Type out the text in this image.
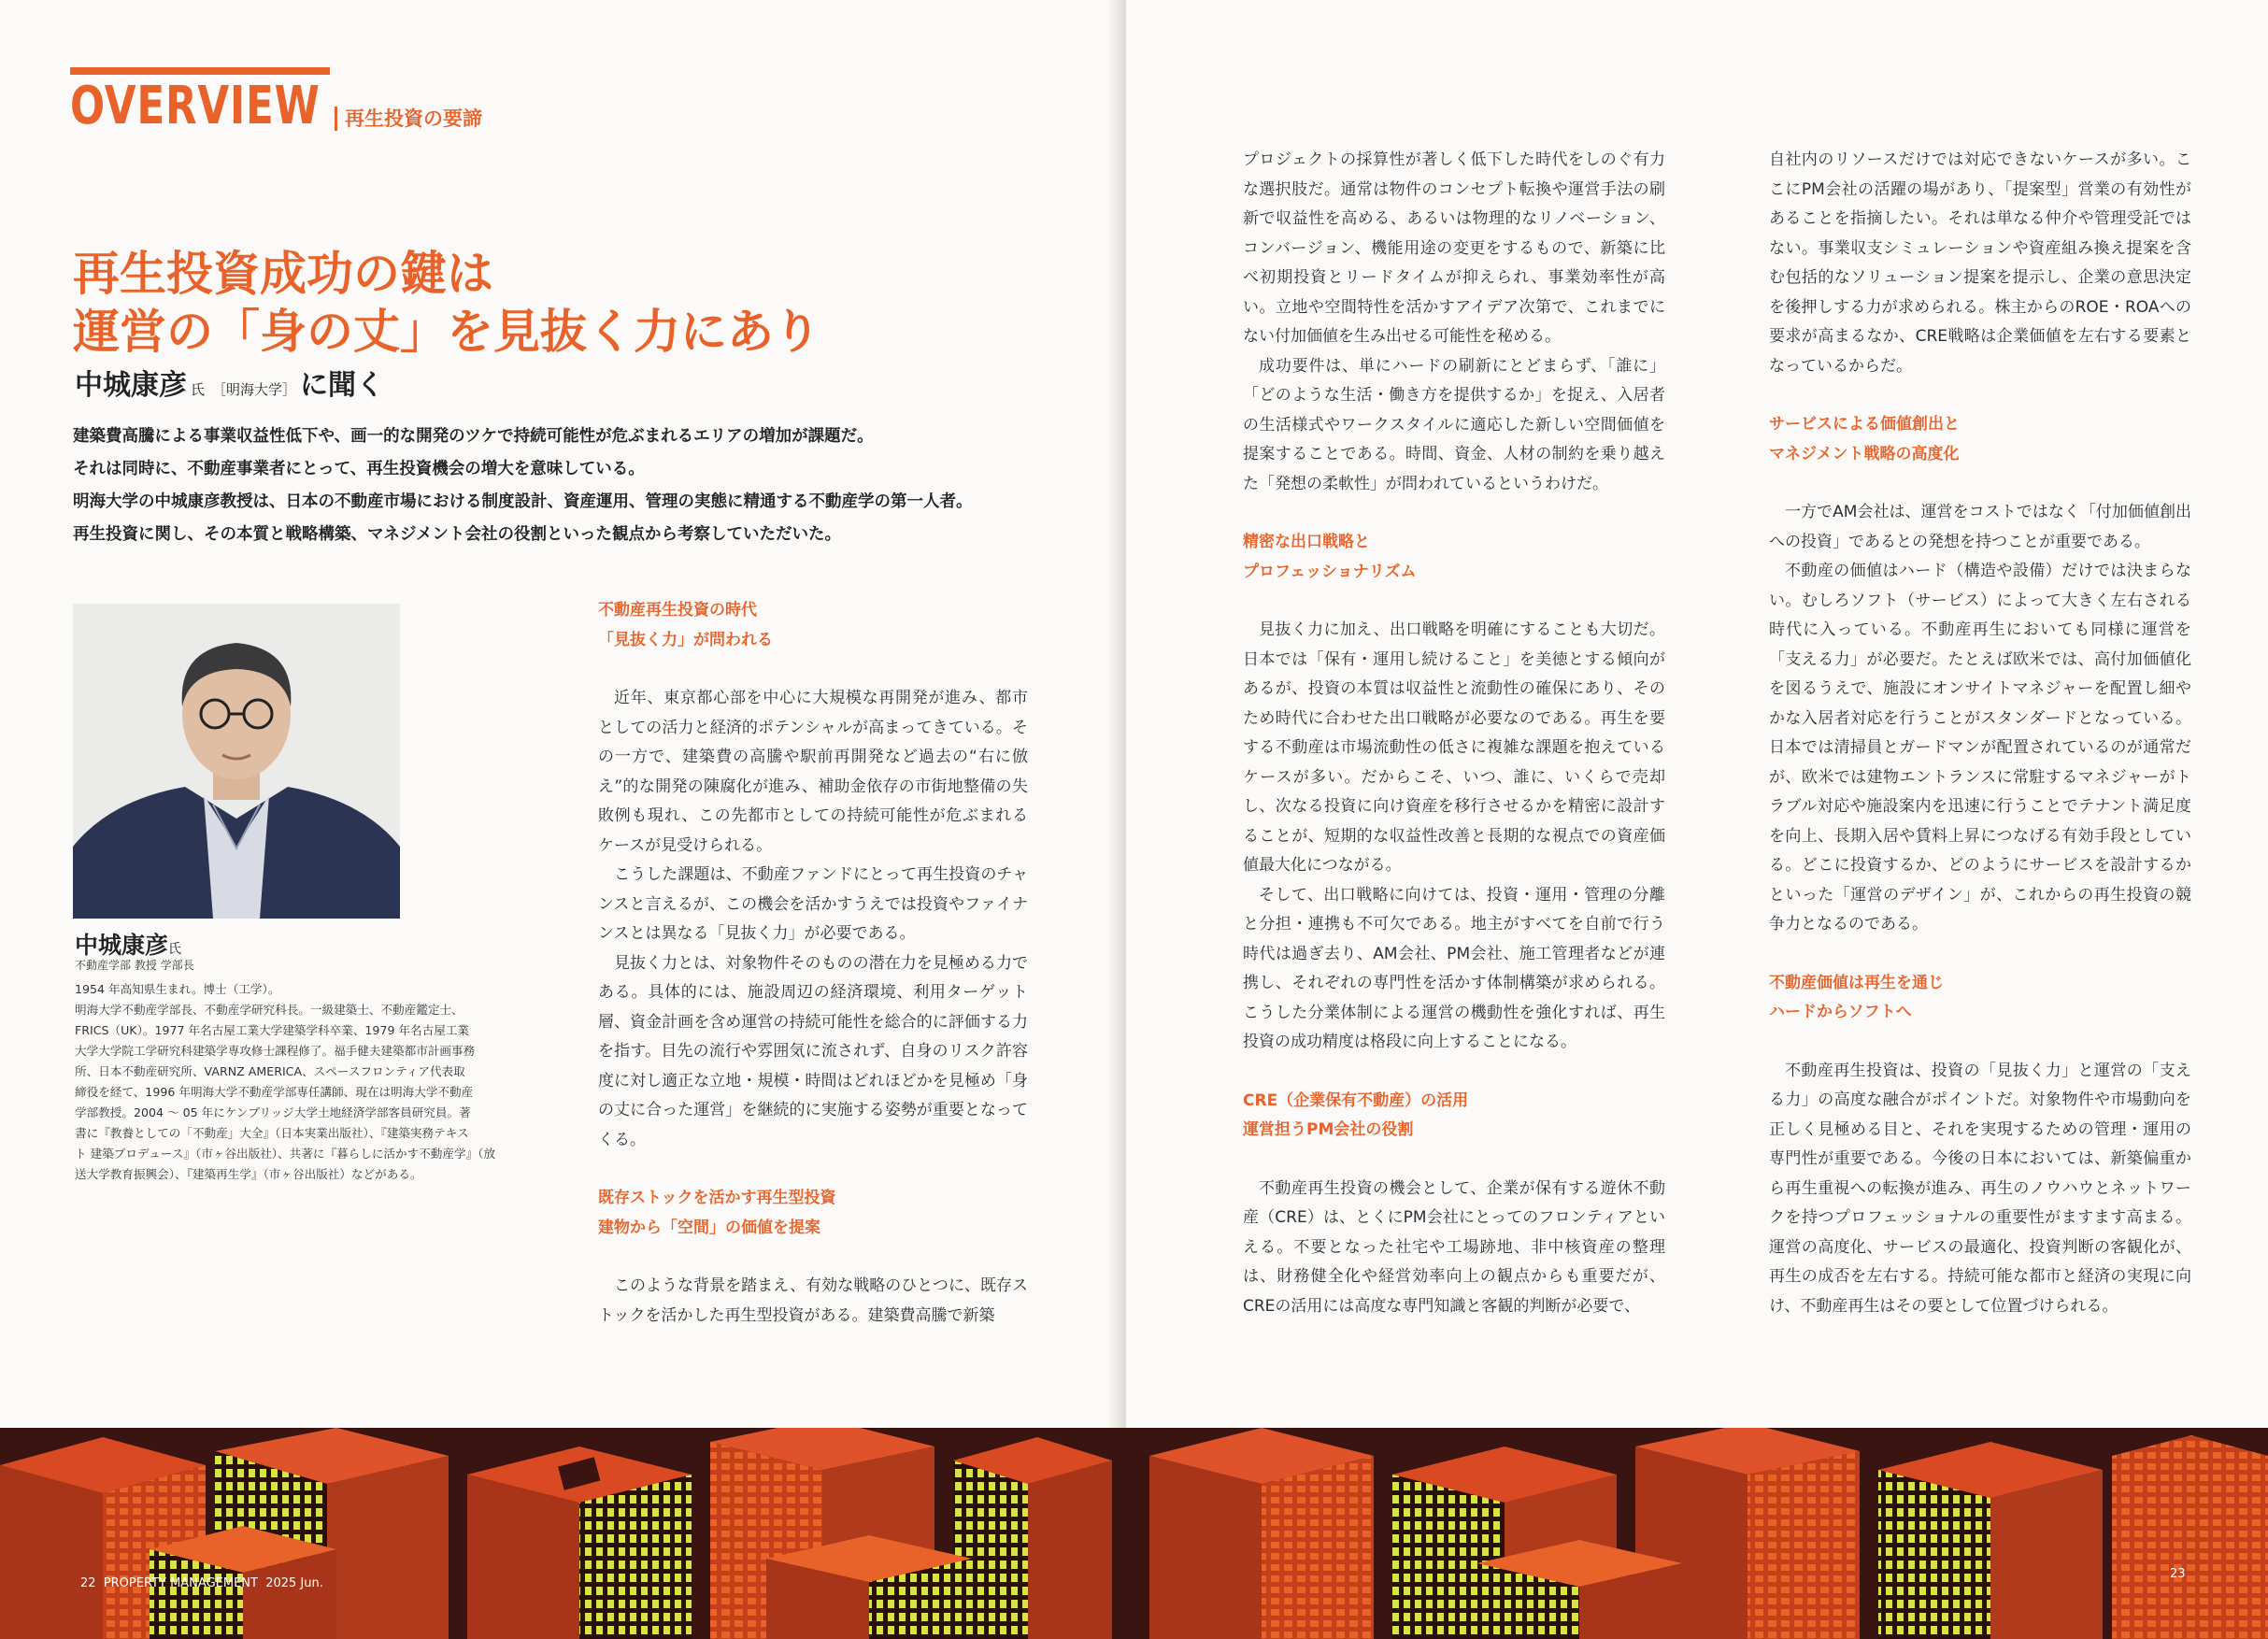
OVERVIEW	再生投資の要諦
再生投資成功の鍵は
運営の「身の丈」を見抜く力にあり
中城康彦 氏 ［明海大学］ に聞く
建築費高騰による事業収益性低下や、画一的な開発のツケで持続可能性が危ぶまれるエリアの増加が課題だ。
それは同時に、不動産事業者にとって、再生投資機会の増大を意味している。
明海大学の中城康彦教授は、日本の不動産市場における制度設計、資産運用、管理の実態に精通する不動産学の第一人者。
再生投資に関し、その本質と戦略構築、マネジメント会社の役割といった観点から考察していただいた。
中城康彦氏
不動産学部 教授 学部長
1954 年高知県生まれ。博士（工学）。
明海大学不動産学部長、不動産学研究科長。一級建築士、不動産鑑定士、
FRICS（UK）。1977 年名古屋工業大学建築学科卒業、1979 年名古屋工業
大学大学院工学研究科建築学専攻修士課程修了。福手健夫建築都市計画事務
所、日本不動産研究所、VARNZ AMERICA、スペースフロンティア代表取
締役を経て、1996 年明海大学不動産学部専任講師、現在は明海大学不動産
学部教授。2004 ～ 05 年にケンブリッジ大学土地経済学部客員研究員。著
書に『教養としての「不動産」大全』（日本実業出版社）、『建築実務テキス
ト 建築プロデュース』（市ヶ谷出版社）、共著に『暮らしに活かす不動産学』（放
送大学教育振興会）、『建築再生学』（市ヶ谷出版社）などがある。
不動産再生投資の時代
「見抜く力」が問われる

近年、東京都心部を中心に大規模な再開発が進み、都市としての活力と経済的ポテンシャルが高まってきている。その一方で、建築費の高騰や駅前再開発など過去の“右に倣え”的な開発の陳腐化が進み、補助金依存の市街地整備の失敗例も現れ、この先都市としての持続可能性が危ぶまれるケースが見受けられる。

こうした課題は、不動産ファンドにとって再生投資のチャンスと言えるが、この機会を活かすうえでは投資やファイナンスとは異なる「見抜く力」が必要である。

見抜く力とは、対象物件そのものの潜在力を見極める力である。具体的には、施設周辺の経済環境、利用ターゲット層、資金計画を含め運営の持続可能性を総合的に評価する力を指す。目先の流行や雰囲気に流されず、自身のリスク許容度に対し適正な立地・規模・時間はどれほどかを見極め「身の丈に合った運営」を継続的に実施する姿勢が重要となってくる。

既存ストックを活かす再生型投資
建物から「空間」の価値を提案

このような背景を踏まえ、有効な戦略のひとつに、既存ストックを活かした再生型投資がある。建築費高騰で新築

プロジェクトの採算性が著しく低下した時代をしのぐ有力な選択肢だ。通常は物件のコンセプト転換や運営手法の刷新で収益性を高める、あるいは物理的なリノベーション、コンバージョン、機能用途の変更をするもので、新築に比べ初期投資とリードタイムが抑えられ、事業効率性が高い。立地や空間特性を活かすアイデア次第で、これまでにない付加価値を生み出せる可能性を秘める。

成功要件は、単にハードの刷新にとどまらず、「誰に」「どのような生活・働き方を提供するか」を捉え、入居者の生活様式やワークスタイルに適応した新しい空間価値を提案することである。時間、資金、人材の制約を乗り越えた「発想の柔軟性」が問われているというわけだ。

精密な出口戦略と
プロフェッショナリズム

見抜く力に加え、出口戦略を明確にすることも大切だ。日本では「保有・運用し続けること」を美徳とする傾向があるが、投資の本質は収益性と流動性の確保にあり、そのため時代に合わせた出口戦略が必要なのである。再生を要する不動産は市場流動性の低さに複雑な課題を抱えているケースが多い。だからこそ、いつ、誰に、いくらで売却し、次なる投資に向け資産を移行させるかを精密に設計することが、短期的な収益性改善と長期的な視点での資産価値最大化につながる。

そして、出口戦略に向けては、投資・運用・管理の分離と分担・連携も不可欠である。地主がすべてを自前で行う時代は過ぎ去り、AM会社、PM会社、施工管理者などが連携し、それぞれの専門性を活かす体制構築が求められる。こうした分業体制による運営の機動性を強化すれば、再生投資の成功精度は格段に向上することになる。

CRE（企業保有不動産）の活用
運営担うPM会社の役割

不動産再生投資の機会として、企業が保有する遊休不動産（CRE）は、とくにPM会社にとってのフロンティアといえる。不要となった社宅や工場跡地、非中核資産の整理は、財務健全化や経営効率向上の観点からも重要だが、CREの活用には高度な専門知識と客観的判断が必要で、

自社内のリソースだけでは対応できないケースが多い。ここにPM会社の活躍の場があり、「提案型」営業の有効性があることを指摘したい。それは単なる仲介や管理受託ではない。事業収支シミュレーションや資産組み換え提案を含む包括的なソリューション提案を提示し、企業の意思決定を後押しする力が求められる。株主からのROE・ROAへの要求が高まるなか、CRE戦略は企業価値を左右する要素となっているからだ。

サービスによる価値創出と
マネジメント戦略の高度化

一方でAM会社は、運営をコストではなく「付加価値創出への投資」であるとの発想を持つことが重要である。

不動産の価値はハード（構造や設備）だけでは決まらない。むしろソフト（サービス）によって大きく左右される時代に入っている。不動産再生においても同様に運営を「支える力」が必要だ。たとえば欧米では、高付加価値化を図るうえで、施設にオンサイトマネジャーを配置し細やかな入居者対応を行うことがスタンダードとなっている。日本では清掃員とガードマンが配置されているのが通常だが、欧米では建物エントランスに常駐するマネジャーがトラブル対応や施設案内を迅速に行うことでテナント満足度を向上、長期入居や賃料上昇につなげる有効手段としている。どこに投資するか、どのようにサービスを設計するかといった「運営のデザイン」が、これからの再生投資の競争力となるのである。

不動産価値は再生を通じ
ハードからソフトへ

不動産再生投資は、投資の「見抜く力」と運営の「支える力」の高度な融合がポイントだ。対象物件や市場動向を正しく見極める目と、それを実現するための管理・運用の専門性が重要である。今後の日本においては、新築偏重から再生重視への転換が進み、再生のノウハウとネットワークを持つプロフェッショナルの重要性がますます高まる。運営の高度化、サービスの最適化、投資判断の客観化が、再生の成否を左右する。持続可能な都市と経済の実現に向け、不動産再生はその要として位置づけられる。

22 PROPERTY MANAGEMENT 2025 Jun.
23
